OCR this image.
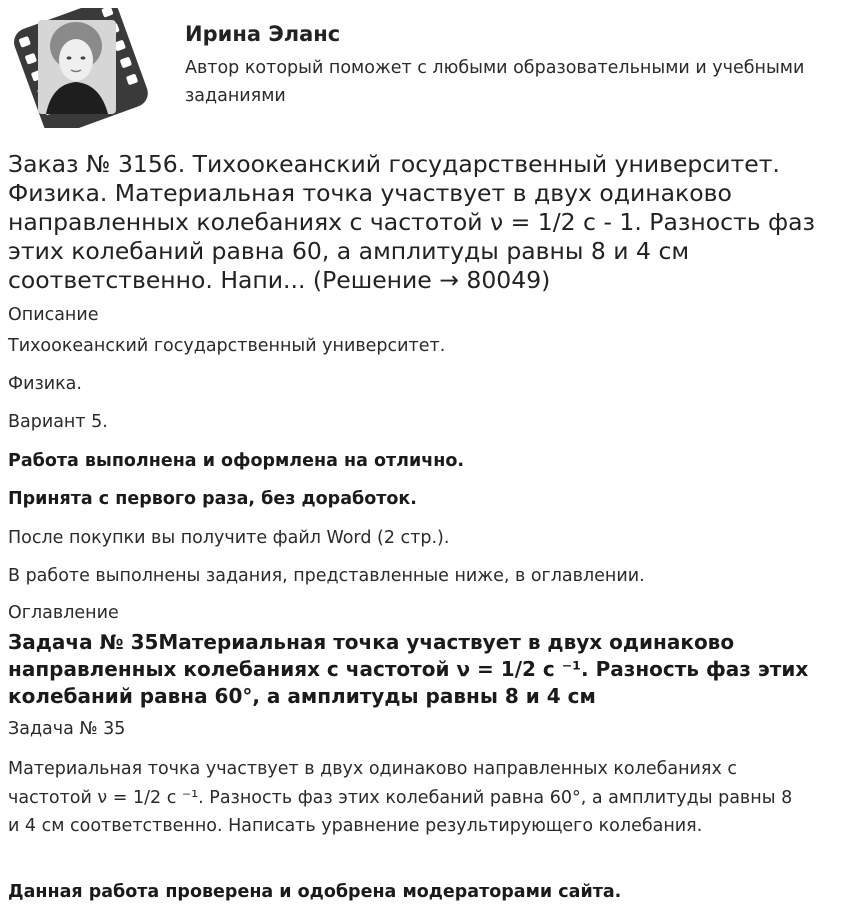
Ирина Эланс
Автор который поможет с любыми образовательными и учебными заданиями
Заказ № 3156. Тихоокеанский государственный университет. Физика. Материальная точка участвует в двух одинаково направленных колебаниях с частотой ν = 1/2 с - 1. Разность фаз этих колебаний равна 60, а амплитуды равны 8 и 4 см соответственно. Напи... (Решение → 80049)
Описание

Тихоокеанский государственный университет.

Физика.

Вариант 5.

Работа выполнена и оформлена на отлично.

Принята с первого раза, без доработок.

После покупки вы получите файл Word (2 стр.).

В работе выполнены задания, представленные ниже, в оглавлении.

Оглавление
Задача № 35Материальная точка участвует в двух одинаково направленных колебаниях с частотой ν = 1/2 с ⁻¹. Разность фаз этих колебаний равна 60°, а амплитуды равны 8 и 4 см
Задача № 35

Материальная точка участвует в двух одинаково направленных колебаниях с частотой ν = 1/2 с ⁻¹. Разность фаз этих колебаний равна 60°, а амплитуды равны 8 и 4 см соответственно. Написать уравнение результирующего колебания.

Данная работа проверена и одобрена модераторами сайта.
